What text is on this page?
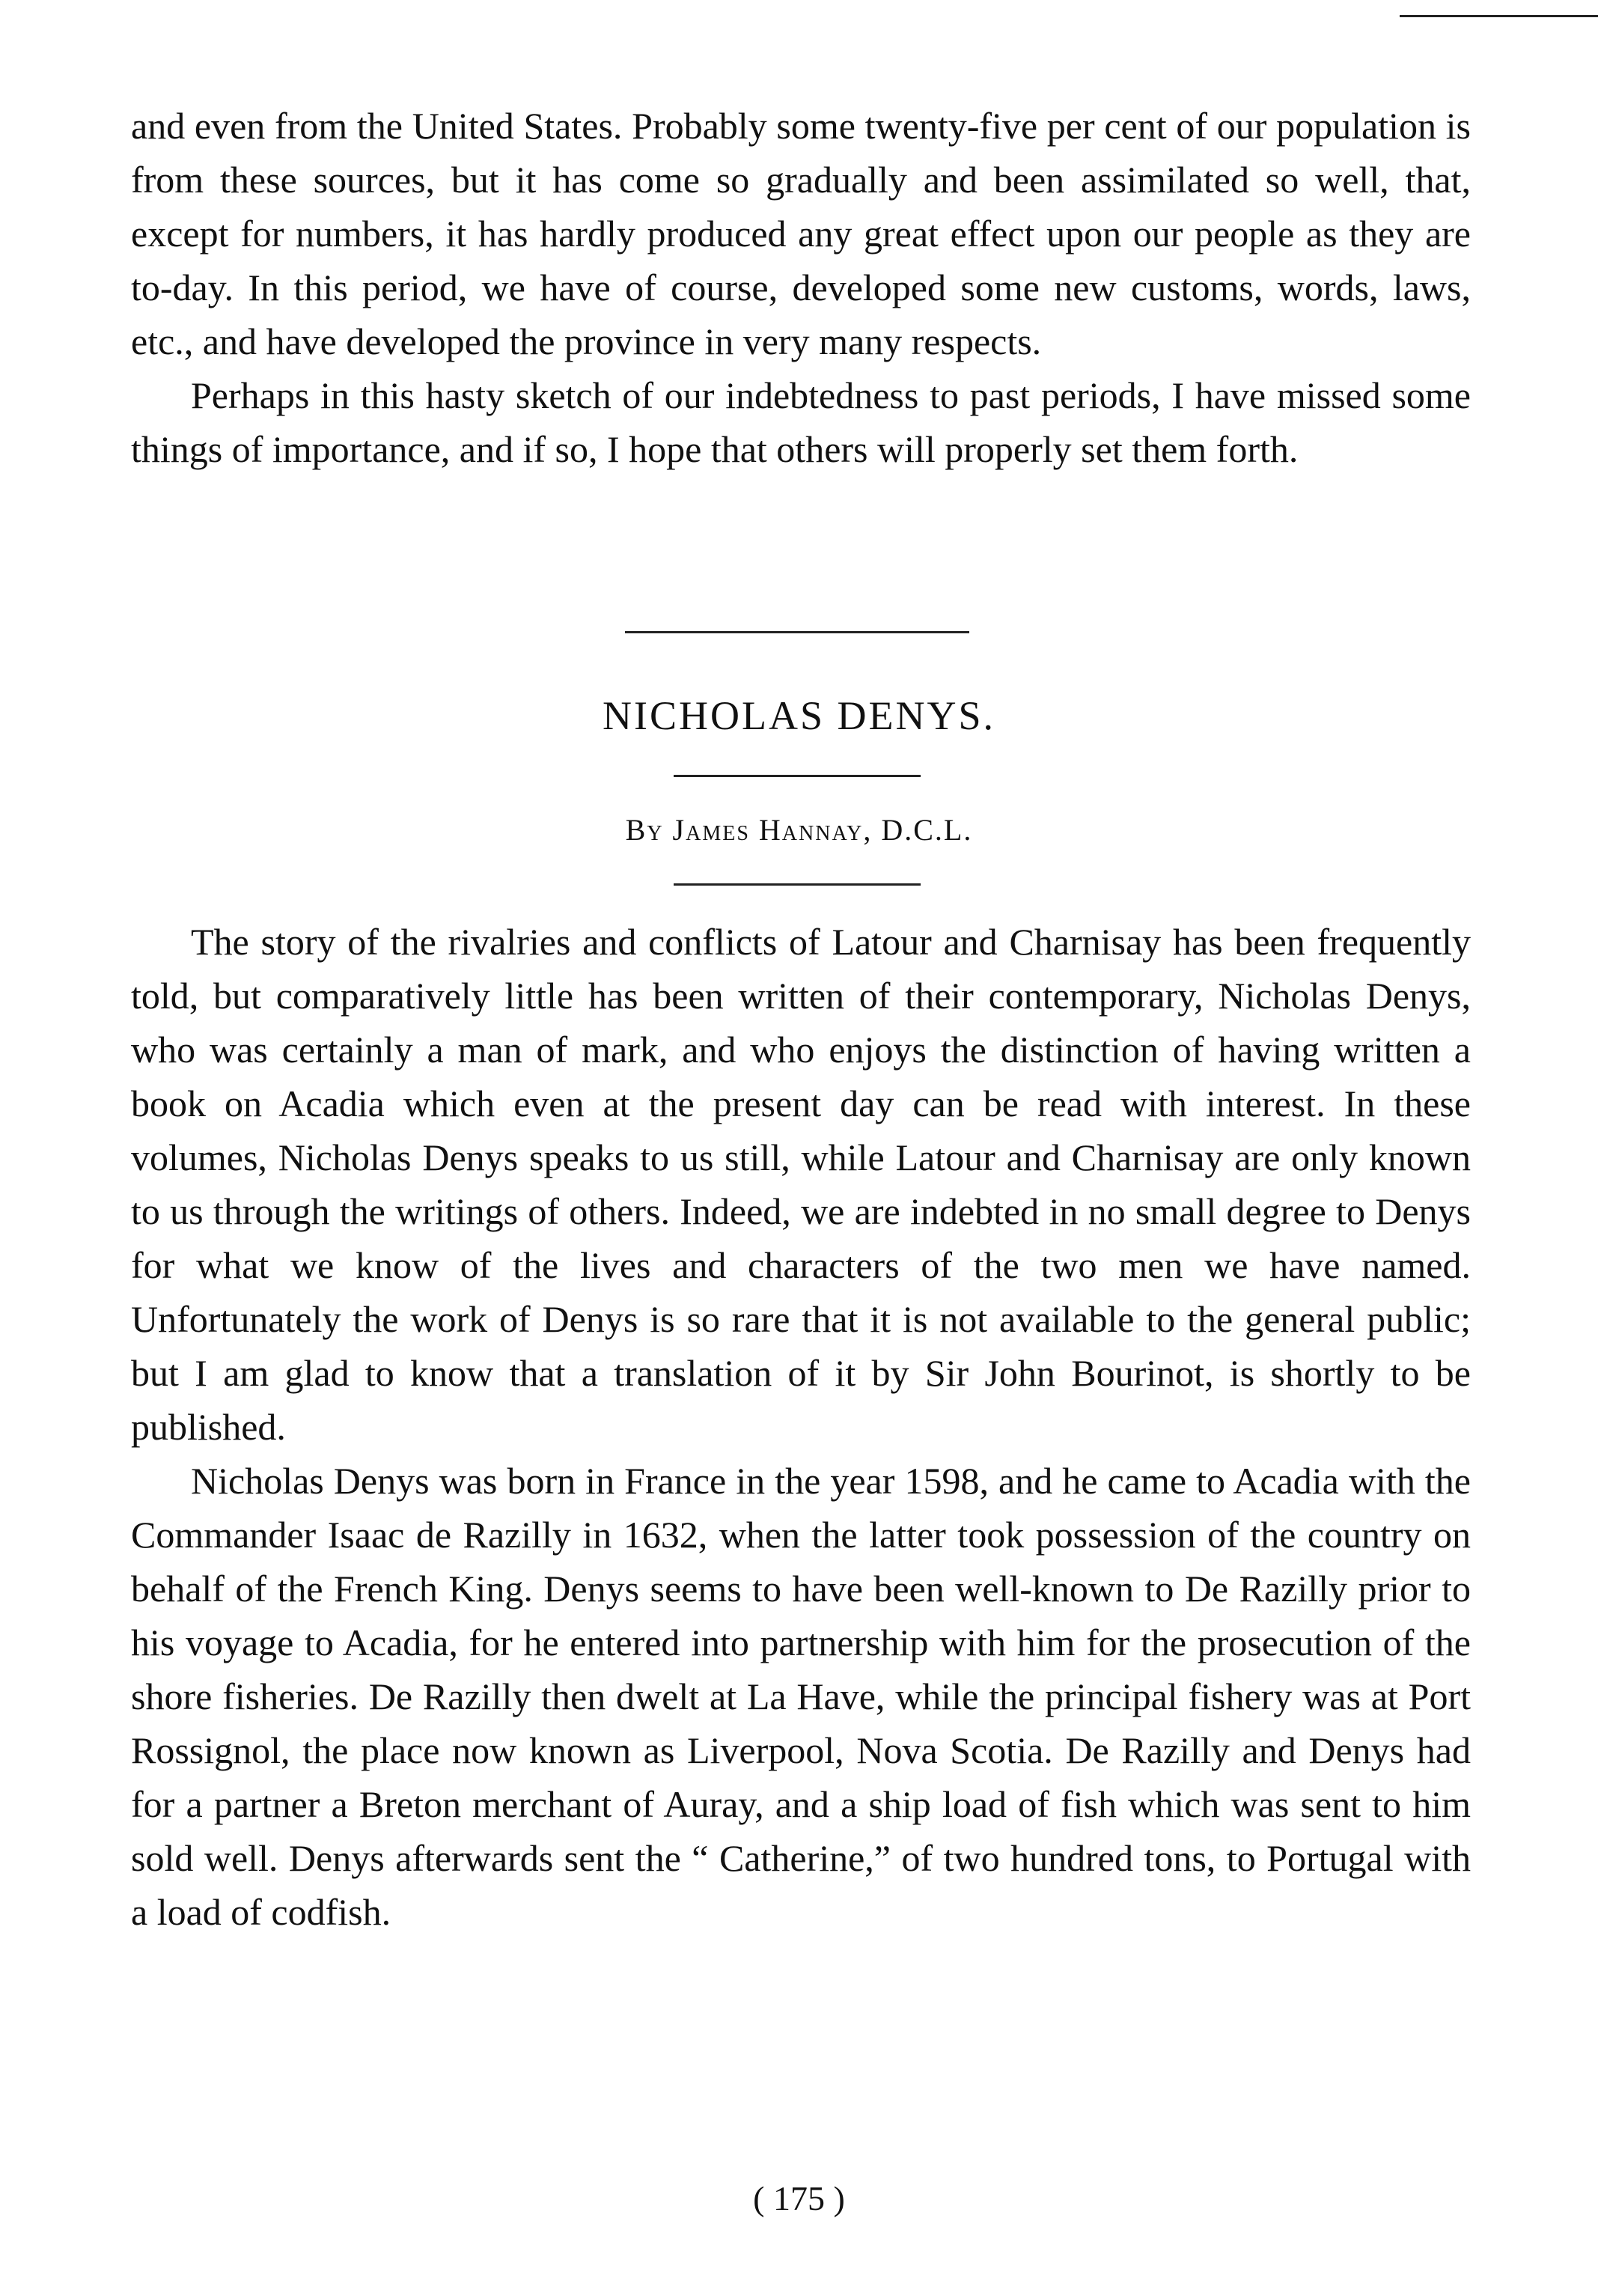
and even from the United States. Probably some twenty-five per cent of our population is from these sources, but it has come so gradually and been assimilated so well, that, except for numbers, it has hardly produced any great effect upon our people as they are to-day. In this period, we have of course, developed some new customs, words, laws, etc., and have developed the province in very many respects.

Perhaps in this hasty sketch of our indebtedness to past periods, I have missed some things of importance, and if so, I hope that others will properly set them forth.

NICHOLAS DENYS.
By James Hannay, D.C.L.

The story of the rivalries and conflicts of Latour and Charnisay has been frequently told, but comparatively little has been written of their contemporary, Nicholas Denys, who was certainly a man of mark, and who enjoys the distinction of having written a book on Acadia which even at the present day can be read with interest. In these volumes, Nicholas Denys speaks to us still, while Latour and Charnisay are only known to us through the writings of others. Indeed, we are indebted in no small degree to Denys for what we know of the lives and characters of the two men we have named. Unfortunately the work of Denys is so rare that it is not available to the general public; but I am glad to know that a translation of it by Sir John Bourinot, is shortly to be published.

Nicholas Denys was born in France in the year 1598, and he came to Acadia with the Commander Isaac de Razilly in 1632, when the latter took possession of the country on behalf of the French King. Denys seems to have been well-known to De Razilly prior to his voyage to Acadia, for he entered into partnership with him for the prosecution of the shore fisheries. De Razilly then dwelt at La Have, while the principal fishery was at Port Rossignol, the place now known as Liverpool, Nova Scotia. De Razilly and Denys had for a partner a Breton merchant of Auray, and a ship load of fish which was sent to him sold well. Denys afterwards sent the “ Catherine,” of two hundred tons, to Portugal with a load of codfish.

( 175 )
